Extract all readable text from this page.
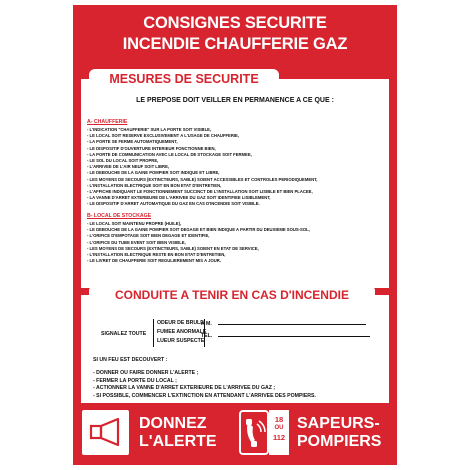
CONSIGNES SECURITE
INCENDIE CHAUFFERIE GAZ
LE PREPOSE DOIT VEILLER EN PERMANENCE A CE QUE :
A- CHAUFFERIE
- L'INDICATION "CHAUFFERIE" SUR LA PORTE SOIT VISIBLE,
- LE LOCAL SOIT RESERVE EXCLUSIVEMENT A L'USAGE DE CHAUFFERIE,
- LA PORTE SE FERME AUTOMATIQUEMENT,
- LE DISPOSITIF D'OUVERTURE INTERIEUR FONCTIONNE BIEN,
- LA PORTE DE COMMUNICATION AVEC LE LOCAL DE STOCKAGE SOIT FERMEE,
- LE SOL DU LOCAL SOIT PROPRE,
- L'ARRIVEE DE L'AIR NEUF SOIT LIBRE,
- LE DEBOUCHE DE LA GAINE POMPIER SOIT INDIQUE ET LIBRE,
- LES MOYENS DE SECOURS (EXTINCTEURS, SABLE) SOIENT ACCESSIBLES ET CONTROLES PERIODIQUEMENT,
- L'INSTALLATION ELECTRIQUE SOIT EN BON ETAT D'ENTRETIEN,
- L'AFFICHE INDIQUANT LE FONCTIONNEMENT SUCCINCT DE L'INSTALLATION SOIT LISIBLE ET BIEN PLACEE,
- LA VANNE D'ARRET EXTERIEURE DE L'ARRIVEE DU GAZ SOIT IDENTIFIEE LISIBLEMENT,
- LE DISPOSITIF D'ARRET AUTOMATIQUE DU GAZ EN CAS D'INCENDIE SOIT VISIBLE.
B- LOCAL DE STOCKAGE
- LE LOCAL SOIT MAINTENU PROPRE (HUILE),
- LE DEBOUCHE DE LA GAINE POMPIER SOIT DEGAGE ET BIEN INDIQUE A PARTIR DU DEUXIEME SOUS-SOL,
- L'ORIFICE D'EMPOTAGE SOIT BIEN DEGAGE ET IDENTIFIE,
- L'ORIFICE DU TUBE EVENT SOIT BIEN VISIBLE,
- LES MOYENS DE SECOURS (EXTINCTEURS, SABLE) SOIENT EN ETAT DE SERVICE,
- L'INSTALLATION ELECTRIQUE RESTE EN BON ETAT D'ENTRETIEN,
- LE LIVRET DE CHAUFFERIE SOIT REGULIEREMENT MIS A JOUR.
MESURES DE SECURITE
SIGNALEZ TOUTE
ODEUR DE BRULE
FUMEE ANORMALE
LUEUR SUSPECTE
A M.
TEL.
SI UN FEU EST DECOUVERT :
- DONNER OU FAIRE DONNER L'ALERTE ;
- FERMER LA PORTE DU LOCAL ;
- ACTIONNER LA VANNE D'ARRET EXTERIEURE DE L'ARRIVEE DU GAZ ;
- SI POSSIBLE, COMMENCER L'EXTINCTION EN ATTENDANT L'ARRIVEE DES POMPIERS.
CONDUITE A TENIR EN CAS D'INCENDIE
DONNEZ
L'ALERTE
18
OU
112
SAPEURS-
POMPIERS
